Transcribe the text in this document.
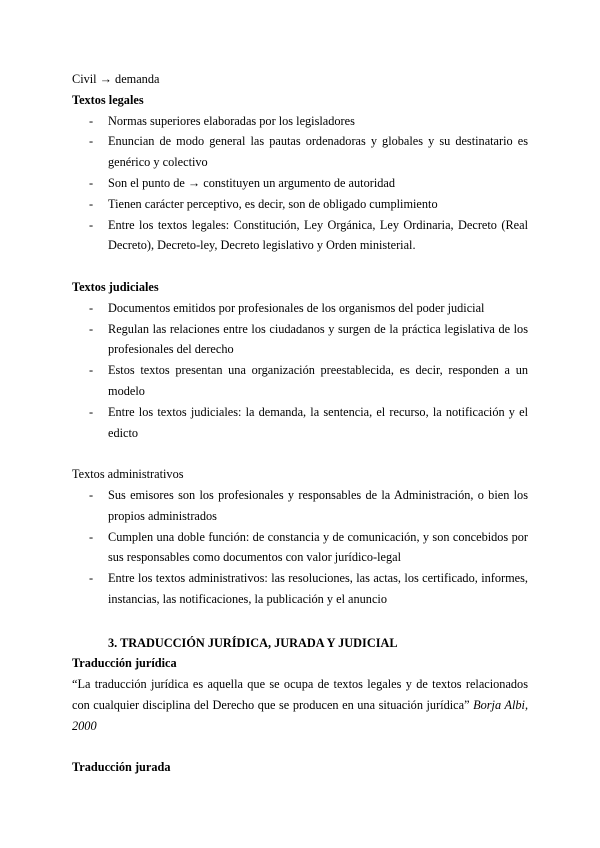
Civil → demanda

Textos legales

- Normas superiores elaboradas por los legisladores
- Enuncian de modo general las pautas ordenadoras y globales y su destinatario es genérico y colectivo
- Son el punto de → constituyen un argumento de autoridad
- Tienen carácter perceptivo, es decir, son de obligado cumplimiento
- Entre los textos legales: Constitución, Ley Orgánica, Ley Ordinaria, Decreto (Real Decreto), Decreto-ley, Decreto legislativo y Orden ministerial.

Textos judiciales

- Documentos emitidos por profesionales de los organismos del poder judicial
- Regulan las relaciones entre los ciudadanos y surgen de la práctica legislativa de los profesionales del derecho
- Estos textos presentan una organización preestablecida, es decir, responden a un modelo
- Entre los textos judiciales: la demanda, la sentencia, el recurso, la notificación y el edicto

Textos administrativos

- Sus emisores son los profesionales y responsables de la Administración, o bien los propios administrados
- Cumplen una doble función: de constancia y de comunicación, y son concebidos por sus responsables como documentos con valor jurídico-legal
- Entre los textos administrativos: las resoluciones, las actas, los certificado, informes, instancias, las notificaciones, la publicación y el anuncio

3. TRADUCCIÓN JURÍDICA, JURADA Y JUDICIAL

Traducción jurídica

“La traducción jurídica es aquella que se ocupa de textos legales y de textos relacionados con cualquier disciplina del Derecho que se producen en una situación jurídica” Borja Albi, 2000

Traducción jurada
